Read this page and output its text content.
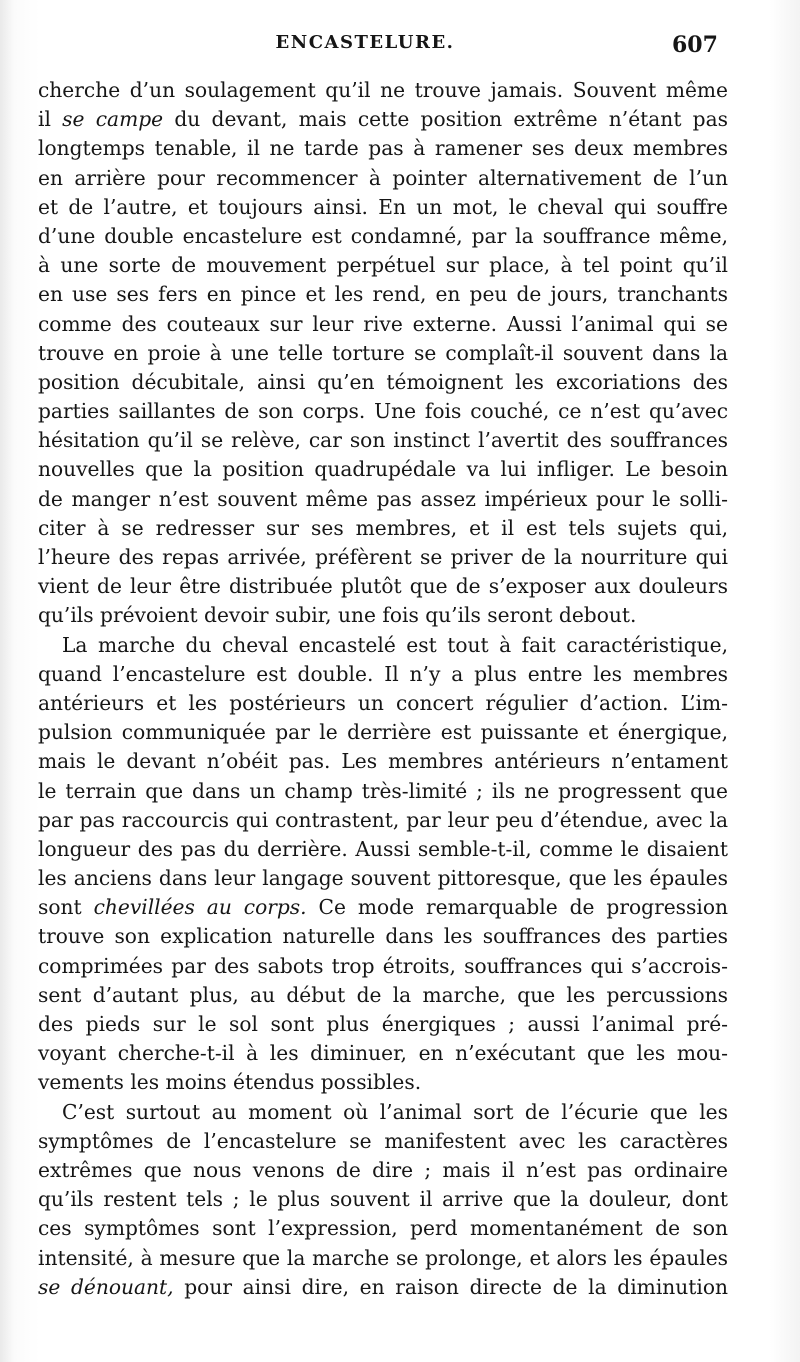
ENCASTELURE.	607
cherche d’un soulagement qu’il ne trouve jamais. Souvent même
il se campe du devant, mais cette position extrême n’étant pas
longtemps tenable, il ne tarde pas à ramener ses deux membres
en arrière pour recommencer à pointer alternativement de l’un
et de l’autre, et toujours ainsi. En un mot, le cheval qui souffre
d’une double encastelure est condamné, par la souffrance même,
à une sorte de mouvement perpétuel sur place, à tel point qu’il
en use ses fers en pince et les rend, en peu de jours, tranchants
comme des couteaux sur leur rive externe. Aussi l’animal qui se
trouve en proie à une telle torture se complaît-il souvent dans la
position décubitale, ainsi qu’en témoignent les excoriations des
parties saillantes de son corps. Une fois couché, ce n’est qu’avec
hésitation qu’il se relève, car son instinct l’avertit des souffrances
nouvelles que la position quadrupédale va lui infliger. Le besoin
de manger n’est souvent même pas assez impérieux pour le solli-
citer à se redresser sur ses membres, et il est tels sujets qui,
l’heure des repas arrivée, préfèrent se priver de la nourriture qui
vient de leur être distribuée plutôt que de s’exposer aux douleurs
qu’ils prévoient devoir subir, une fois qu’ils seront debout.
La marche du cheval encastelé est tout à fait caractéristique,
quand l’encastelure est double. Il n’y a plus entre les membres
antérieurs et les postérieurs un concert régulier d’action. L’im-
pulsion communiquée par le derrière est puissante et énergique,
mais le devant n’obéit pas. Les membres antérieurs n’entament
le terrain que dans un champ très-limité ; ils ne progressent que
par pas raccourcis qui contrastent, par leur peu d’étendue, avec la
longueur des pas du derrière. Aussi semble-t-il, comme le disaient
les anciens dans leur langage souvent pittoresque, que les épaules
sont chevillées au corps. Ce mode remarquable de progression
trouve son explication naturelle dans les souffrances des parties
comprimées par des sabots trop étroits, souffrances qui s’accrois-
sent d’autant plus, au début de la marche, que les percussions
des pieds sur le sol sont plus énergiques ; aussi l’animal pré-
voyant cherche-t-il à les diminuer, en n’exécutant que les mou-
vements les moins étendus possibles.
C’est surtout au moment où l’animal sort de l’écurie que les
symptômes de l’encastelure se manifestent avec les caractères
extrêmes que nous venons de dire ; mais il n’est pas ordinaire
qu’ils restent tels ; le plus souvent il arrive que la douleur, dont
ces symptômes sont l’expression, perd momentanément de son
intensité, à mesure que la marche se prolonge, et alors les épaules
se dénouant, pour ainsi dire, en raison directe de la diminution
